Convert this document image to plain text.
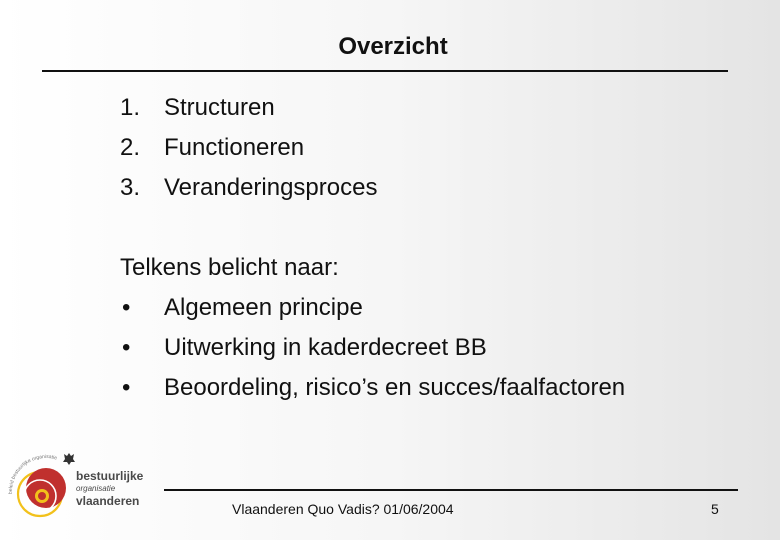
Overzicht
1. Structuren
2. Functioneren
3. Veranderingsproces
Telkens belicht naar:
• Algemeen principe
• Uitwerking in kaderdecreet BB
• Beoordeling, risico’s en succes/faalfactoren
beleid bestuurlijke organisatie
bestuurlijke
organisatie
vlaanderen	Vlaanderen Quo Vadis? 01/06/2004	5
